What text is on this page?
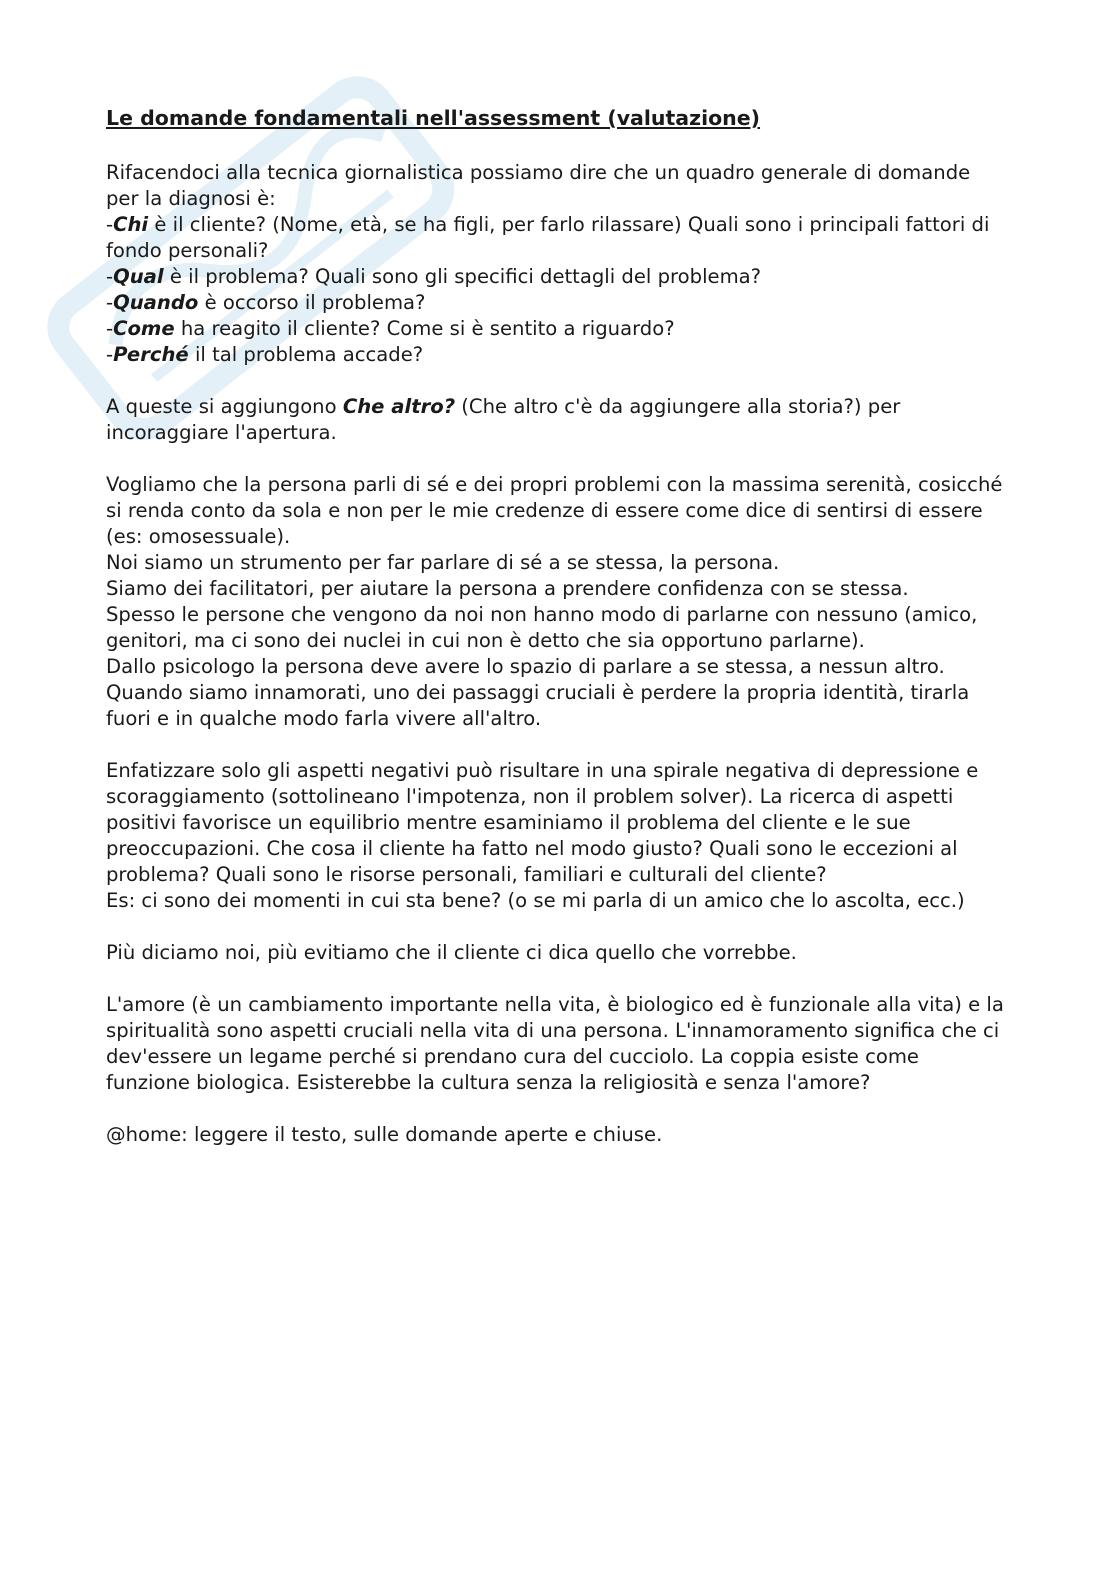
Le domande fondamentali nell'assessment (valutazione)

Rifacendoci alla tecnica giornalistica possiamo dire che un quadro generale di domande per la diagnosi è:
-Chi è il cliente? (Nome, età, se ha figli, per farlo rilassare) Quali sono i principali fattori di fondo personali?
-Qual è il problema? Quali sono gli specifici dettagli del problema?
-Quando è occorso il problema?
-Come ha reagito il cliente? Come si è sentito a riguardo?
-Perché il tal problema accade?

A queste si aggiungono Che altro? (Che altro c'è da aggiungere alla storia?) per incoraggiare l'apertura.

Vogliamo che la persona parli di sé e dei propri problemi con la massima serenità, cosicché si renda conto da sola e non per le mie credenze di essere come dice di sentirsi di essere (es: omosessuale).
Noi siamo un strumento per far parlare di sé a se stessa, la persona.
Siamo dei facilitatori, per aiutare la persona a prendere confidenza con se stessa.
Spesso le persone che vengono da noi non hanno modo di parlarne con nessuno (amico, genitori, ma ci sono dei nuclei in cui non è detto che sia opportuno parlarne).
Dallo psicologo la persona deve avere lo spazio di parlare a se stessa, a nessun altro.
Quando siamo innamorati, uno dei passaggi cruciali è perdere la propria identità, tirarla fuori e in qualche modo farla vivere all'altro.

Enfatizzare solo gli aspetti negativi può risultare in una spirale negativa di depressione e scoraggiamento (sottolineano l'impotenza, non il problem solver). La ricerca di aspetti positivi favorisce un equilibrio mentre esaminiamo il problema del cliente e le sue preoccupazioni. Che cosa il cliente ha fatto nel modo giusto? Quali sono le eccezioni al problema? Quali sono le risorse personali, familiari e culturali del cliente?
Es: ci sono dei momenti in cui sta bene? (o se mi parla di un amico che lo ascolta, ecc.)

Più diciamo noi, più evitiamo che il cliente ci dica quello che vorrebbe.

L'amore (è un cambiamento importante nella vita, è biologico ed è funzionale alla vita) e la spiritualità sono aspetti cruciali nella vita di una persona. L'innamoramento significa che ci dev'essere un legame perché si prendano cura del cucciolo. La coppia esiste come funzione biologica. Esisterebbe la cultura senza la religiosità e senza l'amore?

@home: leggere il testo, sulle domande aperte e chiuse.
